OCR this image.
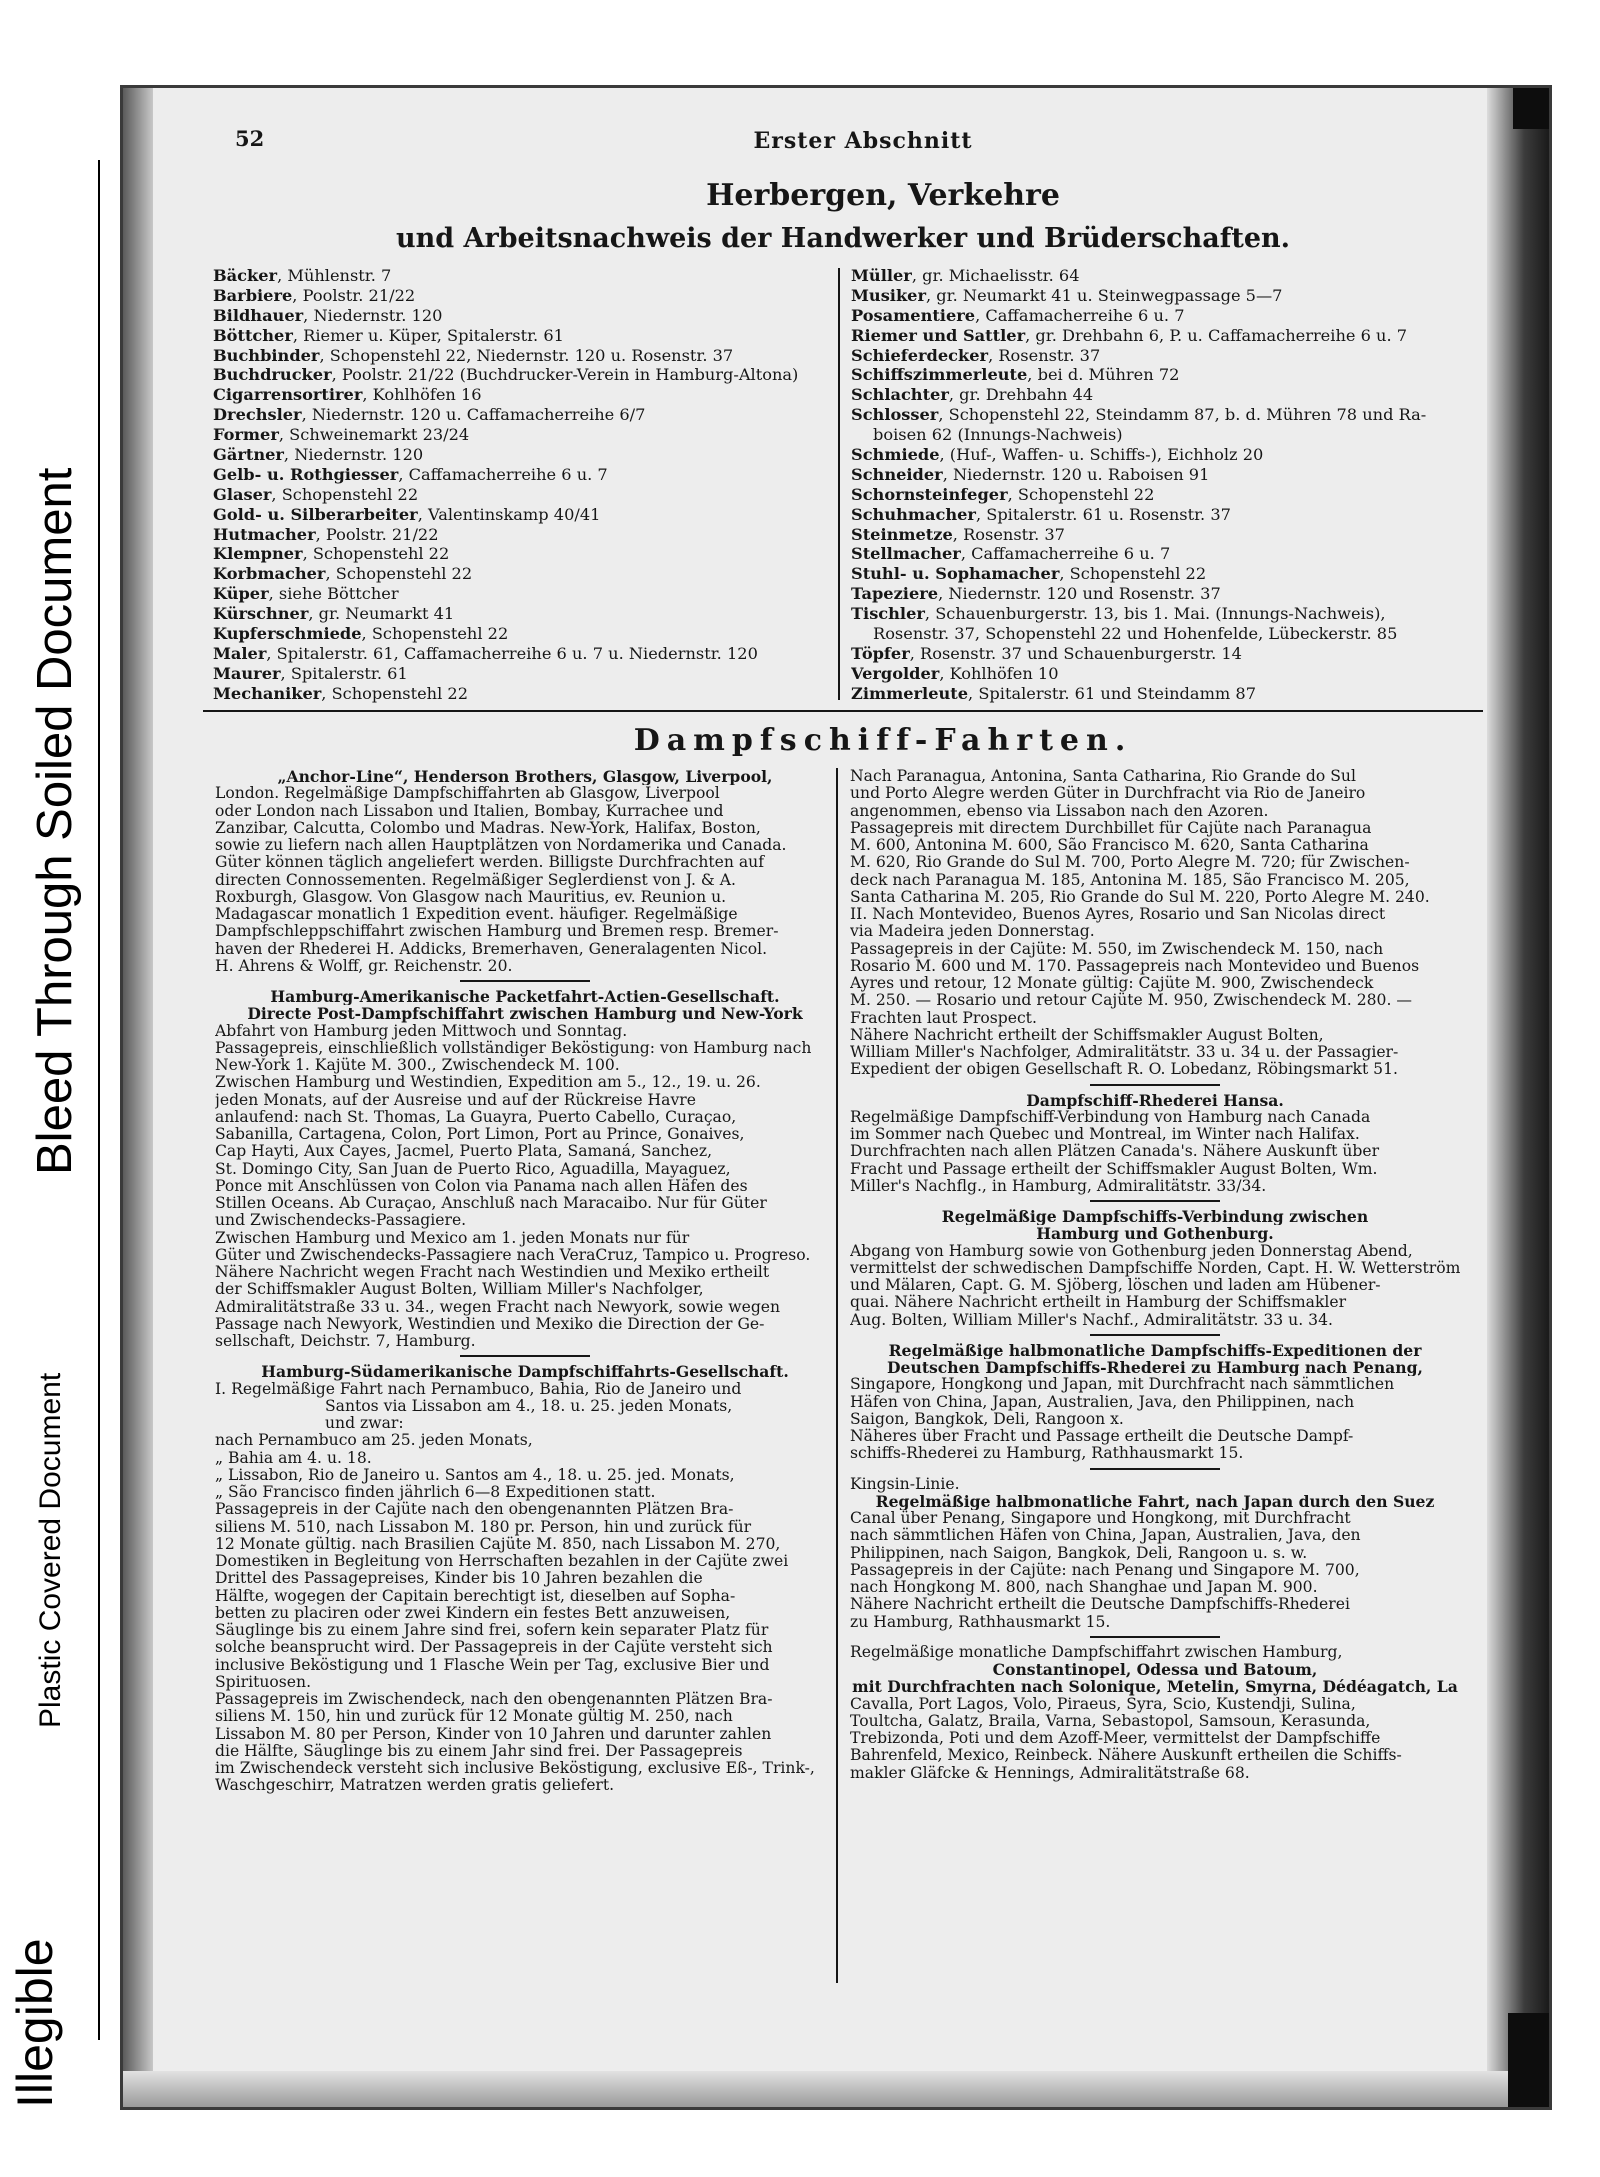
Illegible
Plastic Covered Document
Bleed Through Soiled Document
52	Erster Abschnitt
Herbergen, Verkehre
und Arbeitsnachweis der Handwerker und Brüderschaften.
Bäcker, Mühlenstr. 7
Barbiere, Poolstr. 21/22
Bildhauer, Niedernstr. 120
Böttcher, Riemer u. Küper, Spitalerstr. 61
Buchbinder, Schopenstehl 22, Niedernstr. 120 u. Rosenstr. 37
Buchdrucker, Poolstr. 21/22 (Buchdrucker-Verein in Hamburg-Altona)
Cigarrensortirer, Kohlhöfen 16
Drechsler, Niedernstr. 120 u. Caffamacherreihe 6/7
Former, Schweinemarkt 23/24
Gärtner, Niedernstr. 120
Gelb- u. Rothgiesser, Caffamacherreihe 6 u. 7
Glaser, Schopenstehl 22
Gold- u. Silberarbeiter, Valentinskamp 40/41
Hutmacher, Poolstr. 21/22
Klempner, Schopenstehl 22
Korbmacher, Schopenstehl 22
Küper, siehe Böttcher
Kürschner, gr. Neumarkt 41
Kupferschmiede, Schopenstehl 22
Maler, Spitalerstr. 61, Caffamacherreihe 6 u. 7 u. Niedernstr. 120
Maurer, Spitalerstr. 61
Mechaniker, Schopenstehl 22
Müller, gr. Michaelisstr. 64
Musiker, gr. Neumarkt 41 u. Steinwegpassage 5—7
Posamentiere, Caffamacherreihe 6 u. 7
Riemer und Sattler, gr. Drehbahn 6, P. u. Caffamacherreihe 6 u. 7
Schieferdecker, Rosenstr. 37
Schiffszimmerleute, bei d. Mühren 72
Schlachter, gr. Drehbahn 44
Schlosser, Schopenstehl 22, Steindamm 87, b. d. Mühren 78 und Ra-
boisen 62 (Innungs-Nachweis)
Schmiede, (Huf-, Waffen- u. Schiffs-), Eichholz 20
Schneider, Niedernstr. 120 u. Raboisen 91
Schornsteinfeger, Schopenstehl 22
Schuhmacher, Spitalerstr. 61 u. Rosenstr. 37
Steinmetze, Rosenstr. 37
Stellmacher, Caffamacherreihe 6 u. 7
Stuhl- u. Sophamacher, Schopenstehl 22
Tapeziere, Niedernstr. 120 und Rosenstr. 37
Tischler, Schauenburgerstr. 13, bis 1. Mai. (Innungs-Nachweis),
Rosenstr. 37, Schopenstehl 22 und Hohenfelde, Lübeckerstr. 85
Töpfer, Rosenstr. 37 und Schauenburgerstr. 14
Vergolder, Kohlhöfen 10
Zimmerleute, Spitalerstr. 61 und Steindamm 87
Dampfschiff-Fahrten.
„Anchor-Line“, Henderson Brothers, Glasgow, Liverpool,
London. Regelmäßige Dampfschiffahrten ab Glasgow, Liverpool
oder London nach Lissabon und Italien, Bombay, Kurrachee und
Zanzibar, Calcutta, Colombo und Madras. New-York, Halifax, Boston,
sowie zu liefern nach allen Hauptplätzen von Nordamerika und Canada.
Güter können täglich angeliefert werden. Billigste Durchfrachten auf
directen Connossementen. Regelmäßiger Seglerdienst von J. & A.
Roxburgh, Glasgow. Von Glasgow nach Mauritius, ev. Reunion u.
Madagascar monatlich 1 Expedition event. häufiger. Regelmäßige
Dampfschleppschiffahrt zwischen Hamburg und Bremen resp. Bremer-
haven der Rhederei H. Addicks, Bremerhaven, Generalagenten Nicol.
H. Ahrens & Wolff, gr. Reichenstr. 20.
Hamburg-Amerikanische Packetfahrt-Actien-Gesellschaft.
Directe Post-Dampfschiffahrt zwischen Hamburg und New-York
Abfahrt von Hamburg jeden Mittwoch und Sonntag.
Passagepreis, einschließlich vollständiger Beköstigung: von Hamburg nach
New-York 1. Kajüte M. 300., Zwischendeck M. 100.
Zwischen Hamburg und Westindien, Expedition am 5., 12., 19. u. 26.
jeden Monats, auf der Ausreise und auf der Rückreise Havre
anlaufend: nach St. Thomas, La Guayra, Puerto Cabello, Curaçao,
Sabanilla, Cartagena, Colon, Port Limon, Port au Prince, Gonaives,
Cap Hayti, Aux Cayes, Jacmel, Puerto Plata, Samaná, Sanchez,
St. Domingo City, San Juan de Puerto Rico, Aguadilla, Mayaguez,
Ponce mit Anschlüssen von Colon via Panama nach allen Häfen des
Stillen Oceans. Ab Curaçao, Anschluß nach Maracaibo. Nur für Güter
und Zwischendecks-Passagiere.
Zwischen Hamburg und Mexico am 1. jeden Monats nur für
Güter und Zwischendecks-Passagiere nach VeraCruz, Tampico u. Progreso.
Nähere Nachricht wegen Fracht nach Westindien und Mexiko ertheilt
der Schiffsmakler August Bolten, William Miller's Nachfolger,
Admiralitätstraße 33 u. 34., wegen Fracht nach Newyork, sowie wegen
Passage nach Newyork, Westindien und Mexiko die Direction der Ge-
sellschaft, Deichstr. 7, Hamburg.
Hamburg-Südamerikanische Dampfschiffahrts-Gesellschaft.
I. Regelmäßige Fahrt nach Pernambuco, Bahia, Rio de Janeiro und
Santos via Lissabon am 4., 18. u. 25. jeden Monats,
und zwar:
nach Pernambuco am 25. jeden Monats,
„ Bahia am 4. u. 18.
„ Lissabon, Rio de Janeiro u. Santos am 4., 18. u. 25. jed. Monats,
„ São Francisco finden jährlich 6—8 Expeditionen statt.
Passagepreis in der Cajüte nach den obengenannten Plätzen Bra-
siliens M. 510, nach Lissabon M. 180 pr. Person, hin und zurück für
12 Monate gültig. nach Brasilien Cajüte M. 850, nach Lissabon M. 270,
Domestiken in Begleitung von Herrschaften bezahlen in der Cajüte zwei
Drittel des Passagepreises, Kinder bis 10 Jahren bezahlen die
Hälfte, wogegen der Capitain berechtigt ist, dieselben auf Sopha-
betten zu placiren oder zwei Kindern ein festes Bett anzuweisen,
Säuglinge bis zu einem Jahre sind frei, sofern kein separater Platz für
solche beansprucht wird. Der Passagepreis in der Cajüte versteht sich
inclusive Beköstigung und 1 Flasche Wein per Tag, exclusive Bier und
Spirituosen.
Passagepreis im Zwischendeck, nach den obengenannten Plätzen Bra-
siliens M. 150, hin und zurück für 12 Monate gültig M. 250, nach
Lissabon M. 80 per Person, Kinder von 10 Jahren und darunter zahlen
die Hälfte, Säuglinge bis zu einem Jahr sind frei. Der Passagepreis
im Zwischendeck versteht sich inclusive Beköstigung, exclusive Eß-, Trink-,
Waschgeschirr, Matratzen werden gratis geliefert.
Nach Paranagua, Antonina, Santa Catharina, Rio Grande do Sul
und Porto Alegre werden Güter in Durchfracht via Rio de Janeiro
angenommen, ebenso via Lissabon nach den Azoren.
Passagepreis mit directem Durchbillet für Cajüte nach Paranagua
M. 600, Antonina M. 600, São Francisco M. 620, Santa Catharina
M. 620, Rio Grande do Sul M. 700, Porto Alegre M. 720; für Zwischen-
deck nach Paranagua M. 185, Antonina M. 185, São Francisco M. 205,
Santa Catharina M. 205, Rio Grande do Sul M. 220, Porto Alegre M. 240.
II. Nach Montevideo, Buenos Ayres, Rosario und San Nicolas direct
via Madeira jeden Donnerstag.
Passagepreis in der Cajüte: M. 550, im Zwischendeck M. 150, nach
Rosario M. 600 und M. 170. Passagepreis nach Montevideo und Buenos
Ayres und retour, 12 Monate gültig: Cajüte M. 900, Zwischendeck
M. 250. — Rosario und retour Cajüte M. 950, Zwischendeck M. 280. —
Frachten laut Prospect.
Nähere Nachricht ertheilt der Schiffsmakler August Bolten,
William Miller's Nachfolger, Admiralitätstr. 33 u. 34 u. der Passagier-
Expedient der obigen Gesellschaft R. O. Lobedanz, Röbingsmarkt 51.
Dampfschiff-Rhederei Hansa.
Regelmäßige Dampfschiff-Verbindung von Hamburg nach Canada
im Sommer nach Quebec und Montreal, im Winter nach Halifax.
Durchfrachten nach allen Plätzen Canada's. Nähere Auskunft über
Fracht und Passage ertheilt der Schiffsmakler August Bolten, Wm.
Miller's Nachflg., in Hamburg, Admiralitätstr. 33/34.
Regelmäßige Dampfschiffs-Verbindung zwischen
Hamburg und Gothenburg.
Abgang von Hamburg sowie von Gothenburg jeden Donnerstag Abend,
vermittelst der schwedischen Dampfschiffe Norden, Capt. H. W. Wetterström
und Mälaren, Capt. G. M. Sjöberg, löschen und laden am Hübener-
quai. Nähere Nachricht ertheilt in Hamburg der Schiffsmakler
Aug. Bolten, William Miller's Nachf., Admiralitätstr. 33 u. 34.
Regelmäßige halbmonatliche Dampfschiffs-Expeditionen der
Deutschen Dampfschiffs-Rhederei zu Hamburg nach Penang,
Singapore, Hongkong und Japan, mit Durchfracht nach sämmtlichen
Häfen von China, Japan, Australien, Java, den Philippinen, nach
Saigon, Bangkok, Deli, Rangoon x.
Näheres über Fracht und Passage ertheilt die Deutsche Dampf-
schiffs-Rhederei zu Hamburg, Rathhausmarkt 15.
Kingsin-Linie.
Regelmäßige halbmonatliche Fahrt, nach Japan durch den Suez
Canal über Penang, Singapore und Hongkong, mit Durchfracht
nach sämmtlichen Häfen von China, Japan, Australien, Java, den
Philippinen, nach Saigon, Bangkok, Deli, Rangoon u. s. w.
Passagepreis in der Cajüte: nach Penang und Singapore M. 700,
nach Hongkong M. 800, nach Shanghae und Japan M. 900.
Nähere Nachricht ertheilt die Deutsche Dampfschiffs-Rhederei
zu Hamburg, Rathhausmarkt 15.
Regelmäßige monatliche Dampfschiffahrt zwischen Hamburg,
Constantinopel, Odessa und Batoum,
mit Durchfrachten nach Solonique, Metelin, Smyrna, Dédéagatch, La
Cavalla, Port Lagos, Volo, Piraeus, Syra, Scio, Kustendji, Sulina,
Toultcha, Galatz, Braila, Varna, Sebastopol, Samsoun, Kerasunda,
Trebizonda, Poti und dem Azoff-Meer, vermittelst der Dampfschiffe
Bahrenfeld, Mexico, Reinbeck. Nähere Auskunft ertheilen die Schiffs-
makler Gläfcke & Hennings, Admiralitätstraße 68.
